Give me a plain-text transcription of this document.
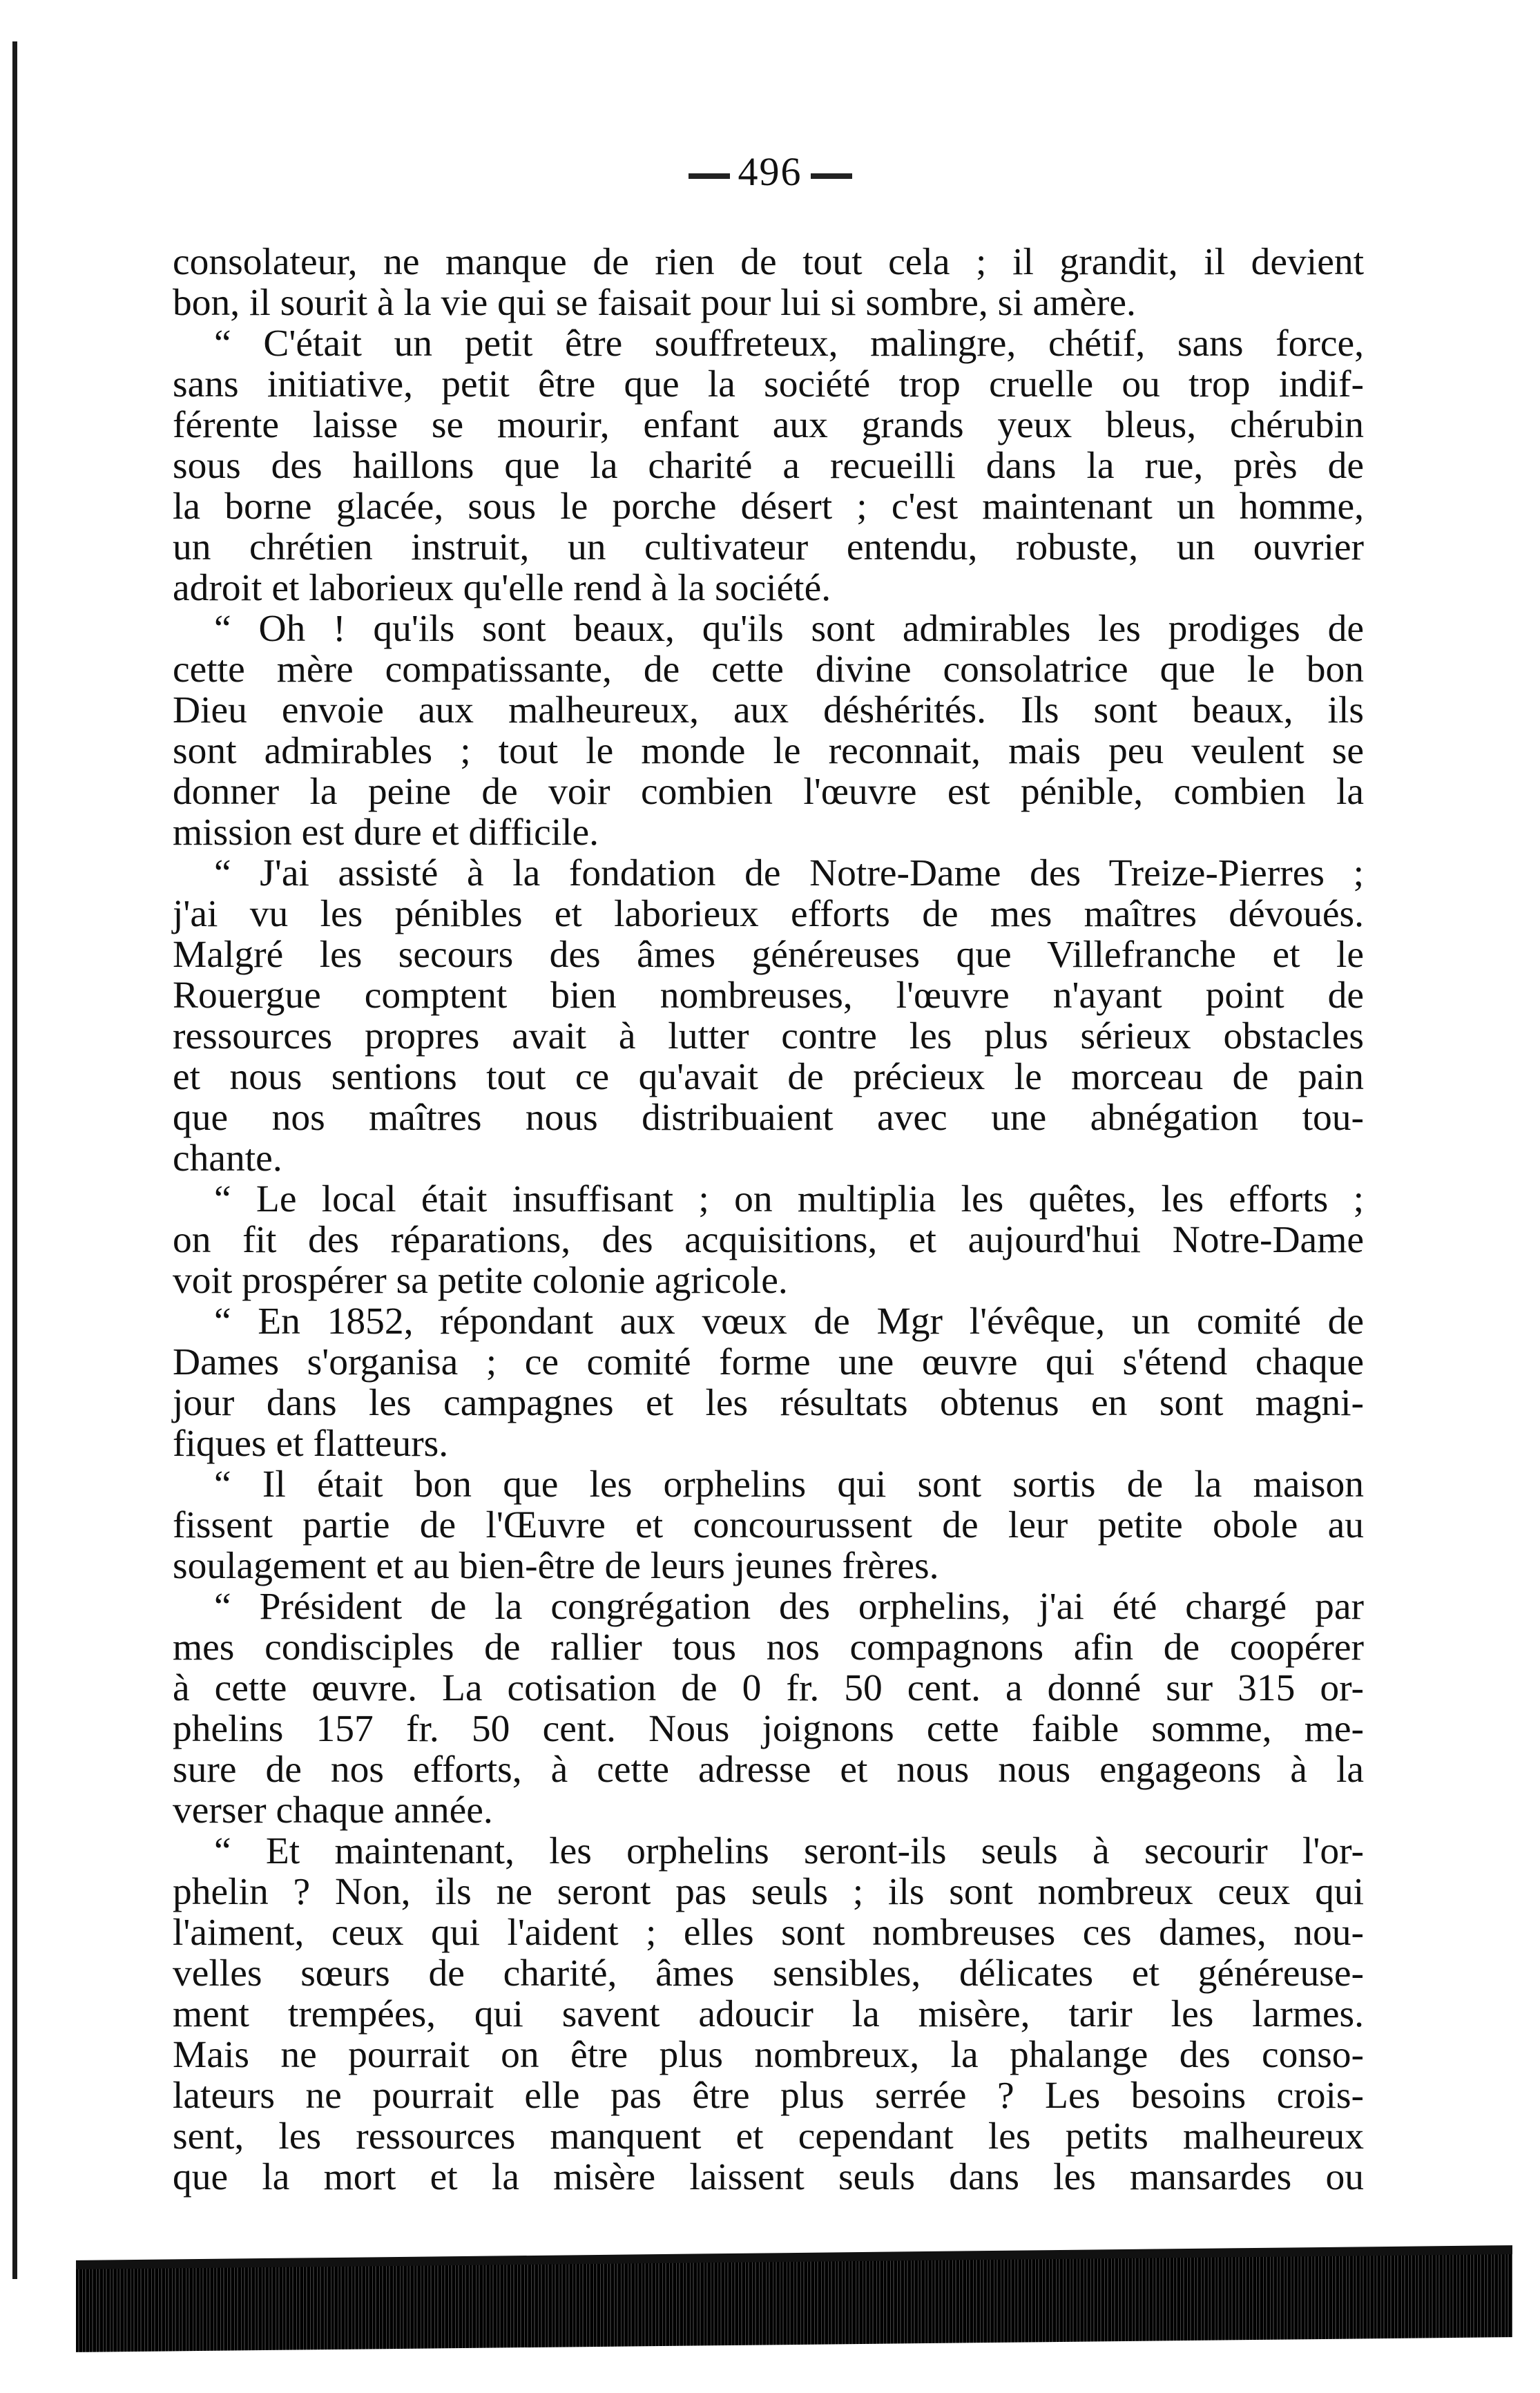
496
consolateur, ne manque de rien de tout cela ; il grandit, il devient
bon, il sourit à la vie qui se faisait pour lui si sombre, si amère.
“ C'était un petit être souffreteux, malingre, chétif, sans force,
sans initiative, petit être que la société trop cruelle ou trop indif-
férente laisse se mourir, enfant aux grands yeux bleus, chérubin
sous des haillons que la charité a recueilli dans la rue, près de
la borne glacée, sous le porche désert ; c'est maintenant un homme,
un chrétien instruit, un cultivateur entendu, robuste, un ouvrier
adroit et laborieux qu'elle rend à la société.
“ Oh ! qu'ils sont beaux, qu'ils sont admirables les prodiges de
cette mère compatissante, de cette divine consolatrice que le bon
Dieu envoie aux malheureux, aux déshérités. Ils sont beaux, ils
sont admirables ; tout le monde le reconnait, mais peu veulent se
donner la peine de voir combien l'œuvre est pénible, combien la
mission est dure et difficile.
“ J'ai assisté à la fondation de Notre-Dame des Treize-Pierres ;
j'ai vu les pénibles et laborieux efforts de mes maîtres dévoués.
Malgré les secours des âmes généreuses que Villefranche et le
Rouergue comptent bien nombreuses, l'œuvre n'ayant point de
ressources propres avait à lutter contre les plus sérieux obstacles
et nous sentions tout ce qu'avait de précieux le morceau de pain
que nos maîtres nous distribuaient avec une abnégation tou-
chante.
“ Le local était insuffisant ; on multiplia les quêtes, les efforts ;
on fit des réparations, des acquisitions, et aujourd'hui Notre-Dame
voit prospérer sa petite colonie agricole.
“ En 1852, répondant aux vœux de Mgr l'évêque, un comité de
Dames s'organisa ; ce comité forme une œuvre qui s'étend chaque
jour dans les campagnes et les résultats obtenus en sont magni-
fiques et flatteurs.
“ Il était bon que les orphelins qui sont sortis de la maison
fissent partie de l'Œuvre et concourussent de leur petite obole au
soulagement et au bien-être de leurs jeunes frères.
“ Président de la congrégation des orphelins, j'ai été chargé par
mes condisciples de rallier tous nos compagnons afin de coopérer
à cette œuvre. La cotisation de 0 fr. 50 cent. a donné sur 315 or-
phelins 157 fr. 50 cent. Nous joignons cette faible somme, me-
sure de nos efforts, à cette adresse et nous nous engageons à la
verser chaque année.
“ Et maintenant, les orphelins seront-ils seuls à secourir l'or-
phelin ? Non, ils ne seront pas seuls ; ils sont nombreux ceux qui
l'aiment, ceux qui l'aident ; elles sont nombreuses ces dames, nou-
velles sœurs de charité, âmes sensibles, délicates et généreuse-
ment trempées, qui savent adoucir la misère, tarir les larmes.
Mais ne pourrait on être plus nombreux, la phalange des conso-
lateurs ne pourrait elle pas être plus serrée ? Les besoins crois-
sent, les ressources manquent et cependant les petits malheureux
que la mort et la misère laissent seuls dans les mansardes ou
